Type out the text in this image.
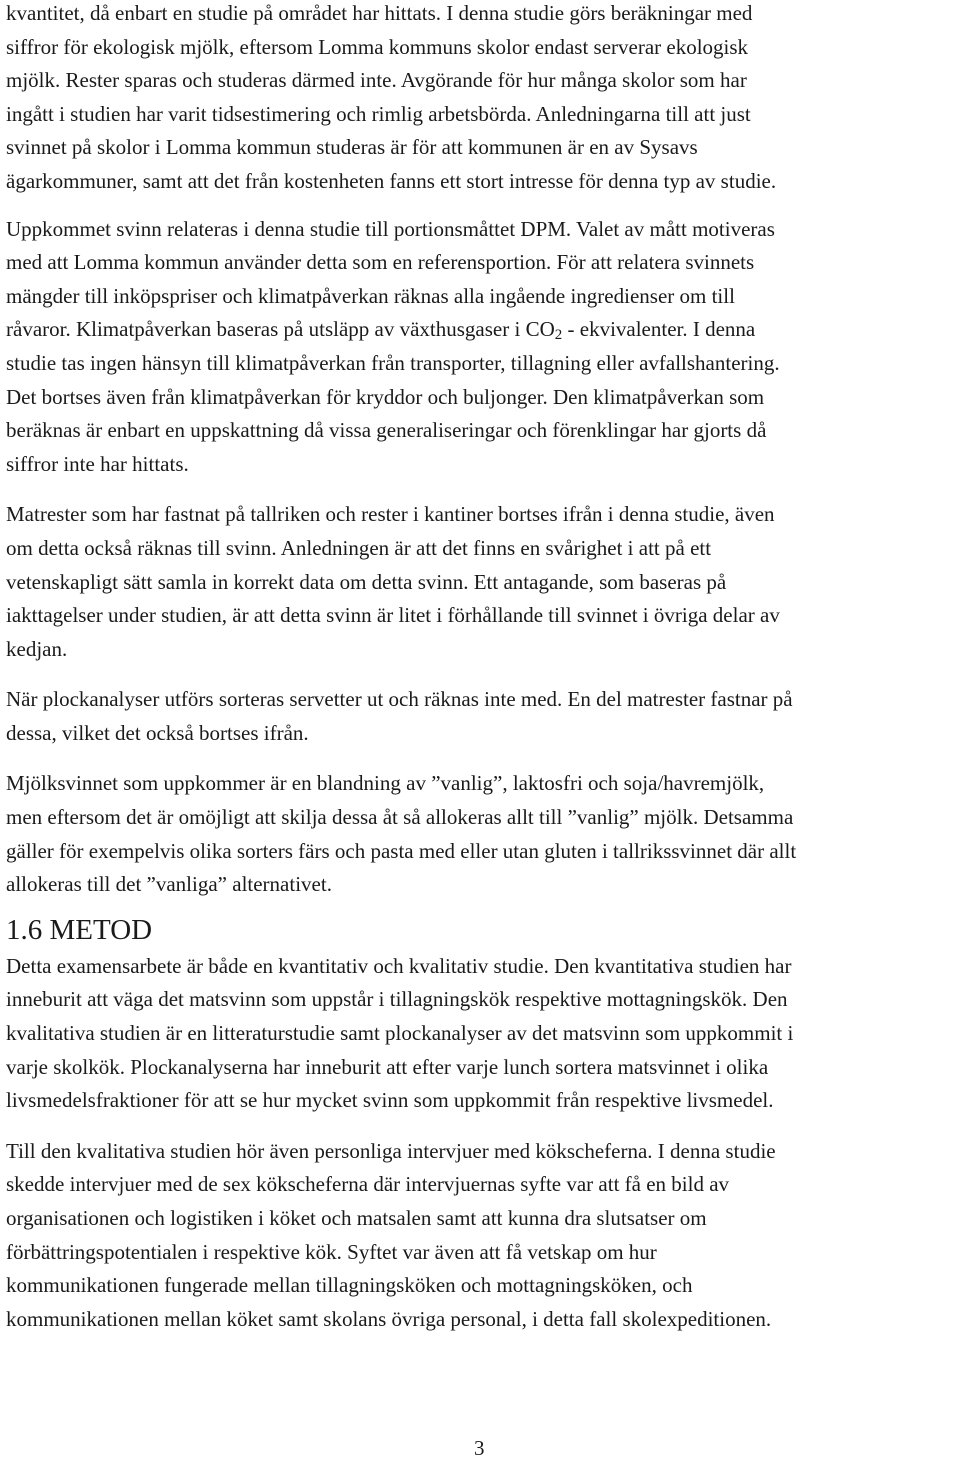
kvantitet, då enbart en studie på området har hittats. I denna studie görs beräkningar med
siffror för ekologisk mjölk, eftersom Lomma kommuns skolor endast serverar ekologisk
mjölk. Rester sparas och studeras därmed inte. Avgörande för hur många skolor som har
ingått i studien har varit tidsestimering och rimlig arbetsbörda. Anledningarna till att just
svinnet på skolor i Lomma kommun studeras är för att kommunen är en av Sysavs
ägarkommuner, samt att det från kostenheten fanns ett stort intresse för denna typ av studie.

Uppkommet svinn relateras i denna studie till portionsmåttet DPM. Valet av mått motiveras
med att Lomma kommun använder detta som en referensportion. För att relatera svinnets
mängder till inköpspriser och klimatpåverkan räknas alla ingående ingredienser om till
råvaror. Klimatpåverkan baseras på utsläpp av växthusgaser i $CO_2$ - ekvivalenter. I denna
studie tas ingen hänsyn till klimatpåverkan från transporter, tillagning eller avfallshantering.
Det bortses även från klimatpåverkan för kryddor och buljonger. Den klimatpåverkan som
beräknas är enbart en uppskattning då vissa generaliseringar och förenklingar har gjorts då
siffror inte har hittats.

Matrester som har fastnat på tallriken och rester i kantiner bortses ifrån i denna studie, även
om detta också räknas till svinn. Anledningen är att det finns en svårighet i att på ett
vetenskapligt sätt samla in korrekt data om detta svinn. Ett antagande, som baseras på
iakttagelser under studien, är att detta svinn är litet i förhållande till svinnet i övriga delar av
kedjan.

När plockanalyser utförs sorteras servetter ut och räknas inte med. En del matrester fastnar på
dessa, vilket det också bortses ifrån.

Mjölksvinnet som uppkommer är en blandning av ”vanlig”, laktosfri och soja/havremjölk,
men eftersom det är omöjligt att skilja dessa åt så allokeras allt till ”vanlig” mjölk. Detsamma
gäller för exempelvis olika sorters färs och pasta med eller utan gluten i tallrikssvinnet där allt
allokeras till det ”vanliga” alternativet.

1.6 METOD

Detta examensarbete är både en kvantitativ och kvalitativ studie. Den kvantitativa studien har
inneburit att väga det matsvinn som uppstår i tillagningskök respektive mottagningskök. Den
kvalitativa studien är en litteraturstudie samt plockanalyser av det matsvinn som uppkommit i
varje skolkök. Plockanalyserna har inneburit att efter varje lunch sortera matsvinnet i olika
livsmedelsfraktioner för att se hur mycket svinn som uppkommit från respektive livsmedel.

Till den kvalitativa studien hör även personliga intervjuer med kökscheferna. I denna studie
skedde intervjuer med de sex kökscheferna där intervjuernas syfte var att få en bild av
organisationen och logistiken i köket och matsalen samt att kunna dra slutsatser om
förbättringspotentialen i respektive kök. Syftet var även att få vetskap om hur
kommunikationen fungerade mellan tillagningsköken och mottagningsköken, och
kommunikationen mellan köket samt skolans övriga personal, i detta fall skolexpeditionen.

3
